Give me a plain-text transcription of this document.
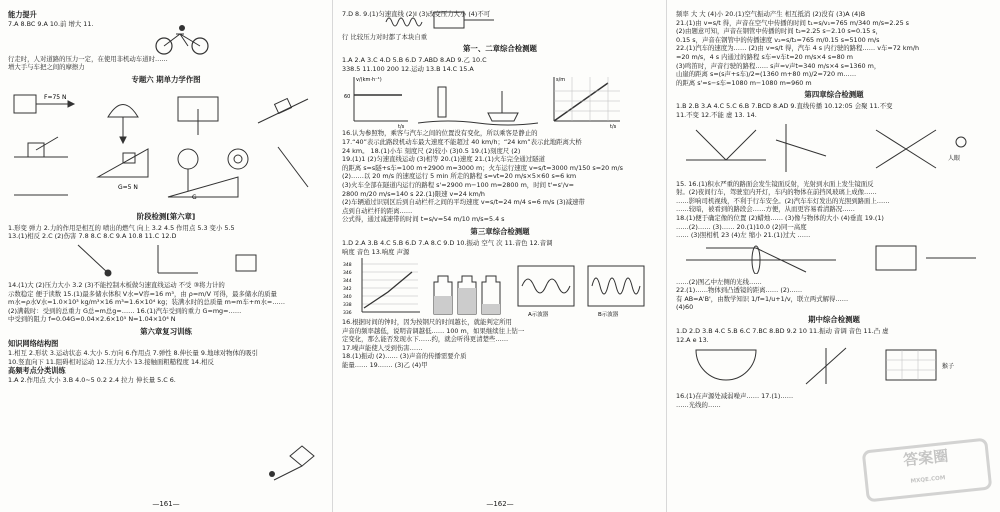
能力提升
7.A 8.BC 9.A 10.前 增大 11.
行走时，人对道路的压力一定，在使用非机动车道时……
增大手与车把之间的摩擦力
专题六 期单力学作图
F=75 N
G=5 N
G
阶段检测[第六章]
1.形变 弹力 2.力的作用是相互的 喷出的燃气 向上 3.2 4.5 作用点 5.3 变小 5.5
13.(1)相反 2.C (2)伤害 7.8 8.C 8.C 9.A 10.8 11.C 12.D
14.(1)大 (2)压力大小 3.2 (3)不能控制木板做匀速直线运动 不受 ③将力计的
示数稳定 便于读数 15.(1)最多储水体积 V水=V容=16 m³，由 ρ=m/V 可得，最多储水的质量
m水=ρ水V水=1.0×10³ kg/m³×16 m³=1.6×10⁴ kg；装满水时的总质量 m=m车+m水=……
(2)满载时：受到的总重力 G总=m总g=…… 16.(1)汽车受到的重力 G=mg=……
中受到的阻力 f=0.04G=0.04×2.6×10⁵ N=1.04×10⁴ N
第六章复习训练
知识网络结构图
1.相互 2.形状 3.运动状态 4.大小 5.方向 6.作用点 7.弹性 8.伸长量 9.地球对物体的吸引
10.竖直向下 11.阻碍相对运动 12.压力大小 13.接触面粗糙程度 14.相反
高频考点分类训练
1.A 2.作用点 大小 3.B 4.0~5 0.2 2.4 拉力 伸长量 5.C 6.
—161—
7.D 8. 9.(1)匀速直线 (2)Ⅰ (3)改变压力大小 (4)不可
行 比较压力对时都了本块自重
第一、二章综合检测题
1.A 2.A 3.C 4.D 5.B 6.D 7.ABD 8.AD 9.乙 10.C
338.5 11.100 200 12.运动 13.B 14.C 15.A
60
v/(km·h⁻¹)
t/s
s/m
t/s
16.认为参照物，乘客与汽车之间的位置没有变化，所以乘客是静止的
17.“40”表示此路段机动车最大速度不能超过 40 km/h；“24 km”表示此地距离大桥
24 km。 18.(1)小车 刻度尺 (2)较小 (3)0.5 19.(1)刻度尺 (2)
19.(1)1 (2)匀速直线运动 (3)相等 20.(1)速度 21.(1)火车完全通过隧道
的距离 s=s隧+s车=100 m+2900 m=3000 m；火车运行速度 v=s/t=3000 m/150 s=20 m/s
(2)……以 20 m/s 的速度运行 5 min 所走的路程 s=vt=20 m/s×5×60 s=6 km
(3)火车全部在隧道内运行的路程 s'=2900 m−100 m=2800 m，时间 t'=s'/v=
2800 m/20 m/s=140 s 22.(1)限速 v=24 km/h
(2)车辆通过识别区后到自动栏杆之间的平均速度 v=s/t=24 m/4 s=6 m/s (3)减速带
点到自动栏杆的距离……
公式得，通过减速带的时间 t=s/v=54 m/10 m/s=5.4 s
第三章综合检测题
1.D 2.A 3.B 4.C 5.B 6.D 7.A 8.C 9.D 10.振动 空气 次 11.音色 12.音调
响度 音色 13.响度 声源
348
346
344
342
340
338
336	A示波器	B示波器
16.根据时间的钟时，因为按钢尺的时间越长，就能判定所用
声音的频率越低，说明音调越低…… 100 m，如果继续往上钻一
定变化，那么能否发现水下……约，就会听得更清楚些……
17.噪声能使人受到伤害……
18.(1)振动 (2)…… (3)声音的传播需要介质
能量…… 19.…… (3)乙 (4)甲
—162—
频率 大 大 (4)小 20.(1)空气振动产生 相互抵消 (2)没有 (3)A (4)B
21.(1)由 v=s/t 得，声音在空气中传播的时间 t₁=s/v₁=765 m/340 m/s=2.25 s
(2)由题意可知，声音在钢管中传播的时间 t₂=2.25 s−2.10 s=0.15 s，
0.15 s，声音在钢管中的传播速度 v₂=s/t₂=765 m/0.15 s=5100 m/s
22.(1)汽车的速度为…… (2)由 v=s/t 得，汽车 4 s 内行驶的路程…… v车=72 km/h
=20 m/s，4 s 内通过的路程 s车=v车t=20 m/s×4 s=80 m
(3)鸣笛时，声音行驶的路程…… s声=v声t=340 m/s×4 s=1360 m，
山崖的距离 s=(s声+s车)/2=(1360 m+80 m)/2=720 m……
的距离 s'=s−s车=1080 m−1080 m=960 m
第四章综合检测题
1.B 2.B 3.A 4.C 5.C 6.B 7.BCD 8.AD 9.直线传播 10.12:05 会聚 11.不变
11.不变 12.不能 虚 13. 14.
人眼
15. 16.(1)积水严重的路面会发生镜面反射，光射到水面上发生镜面反
射。(2)夜间行车，驾驶室内开灯，车内的物体在前挡风玻璃上成像……
……影响司机视线，不利于行车安全。(2)汽车车灯发出的光照到路面上……
……较暗，被看到的路段会……方便，从而更容易看清路况……
18.(1)便于确定像的位置 (2)蜡烛…… (3)像与物体的大小 (4)垂直 19.(1)
……(2)…… (3)…… 20.(1)10.0 (2)同一高度
…… (3)照相机 23 (4)左 缩小 21.(1)过大 ……
……(2)图乙中左侧的光线……
22.(1)……物体到凸透镜的距离…… (2)……
有 AB=A'B'，由数学知识 1/f=1/u+1/v，联立两式解得……
(4)60
期中综合检测题
1.D 2.D 3.B 4.C 5.B 6.C 7.BC 8.BD 9.2 10 11.振动 音调 音色 11.凸 虚
12.A e 13.
猴子
16.(1)在声源处减弱噪声…… 17.(1)……
……光线的……
答案圈
MXQE.COM
